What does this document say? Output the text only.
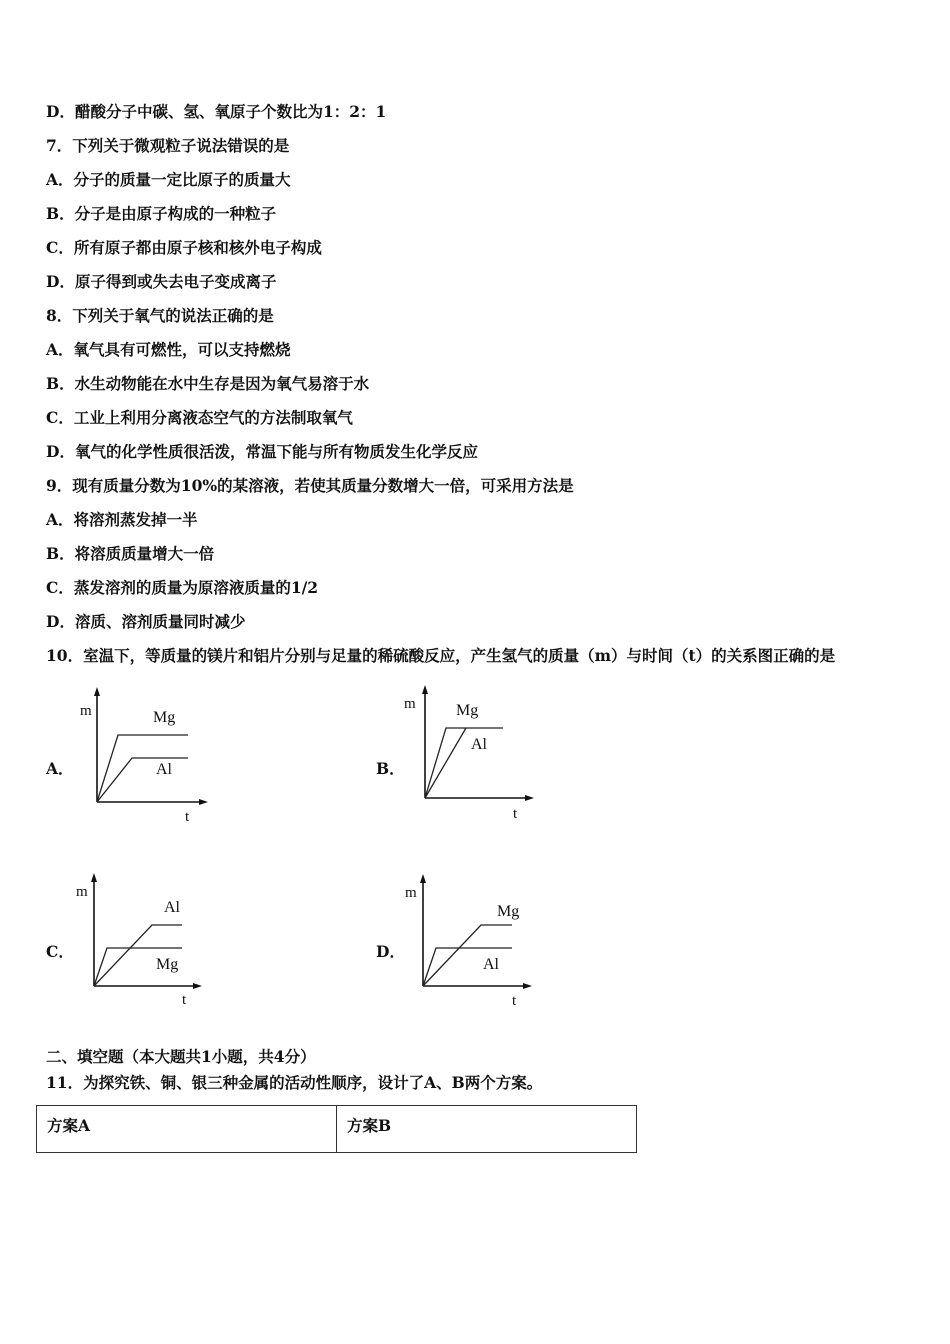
D．醋酸分子中碳、氢、氧原子个数比为1：2：1
7．下列关于微观粒子说法错误的是
A．分子的质量一定比原子的质量大
B．分子是由原子构成的一种粒子
C．所有原子都由原子核和核外电子构成
D．原子得到或失去电子变成离子
8．下列关于氧气的说法正确的是
A．氧气具有可燃性，可以支持燃烧
B．水生动物能在水中生存是因为氧气易溶于水
C．工业上利用分离液态空气的方法制取氧气
D．氧气的化学性质很活泼，常温下能与所有物质发生化学反应
9．现有质量分数为10%的某溶液，若使其质量分数增大一倍，可采用方法是
A．将溶剂蒸发掉一半
B．将溶质质量增大一倍
C．蒸发溶剂的质量为原溶液质量的1/2
D．溶质、溶剂质量同时减少
10．室温下，等质量的镁片和铝片分别与足量的稀硫酸反应，产生氢气的质量（m）与时间（t）的关系图正确的是
A．	B．
C．	D．
m
t
Mg
Al
m
t
Mg
Al
m
t
Al
Mg
m
t
Mg
Al
二、填空题（本大题共1小题，共4分）
11．为探究铁、铜、银三种金属的活动性顺序，设计了A、B两个方案。
方案A	方案B
